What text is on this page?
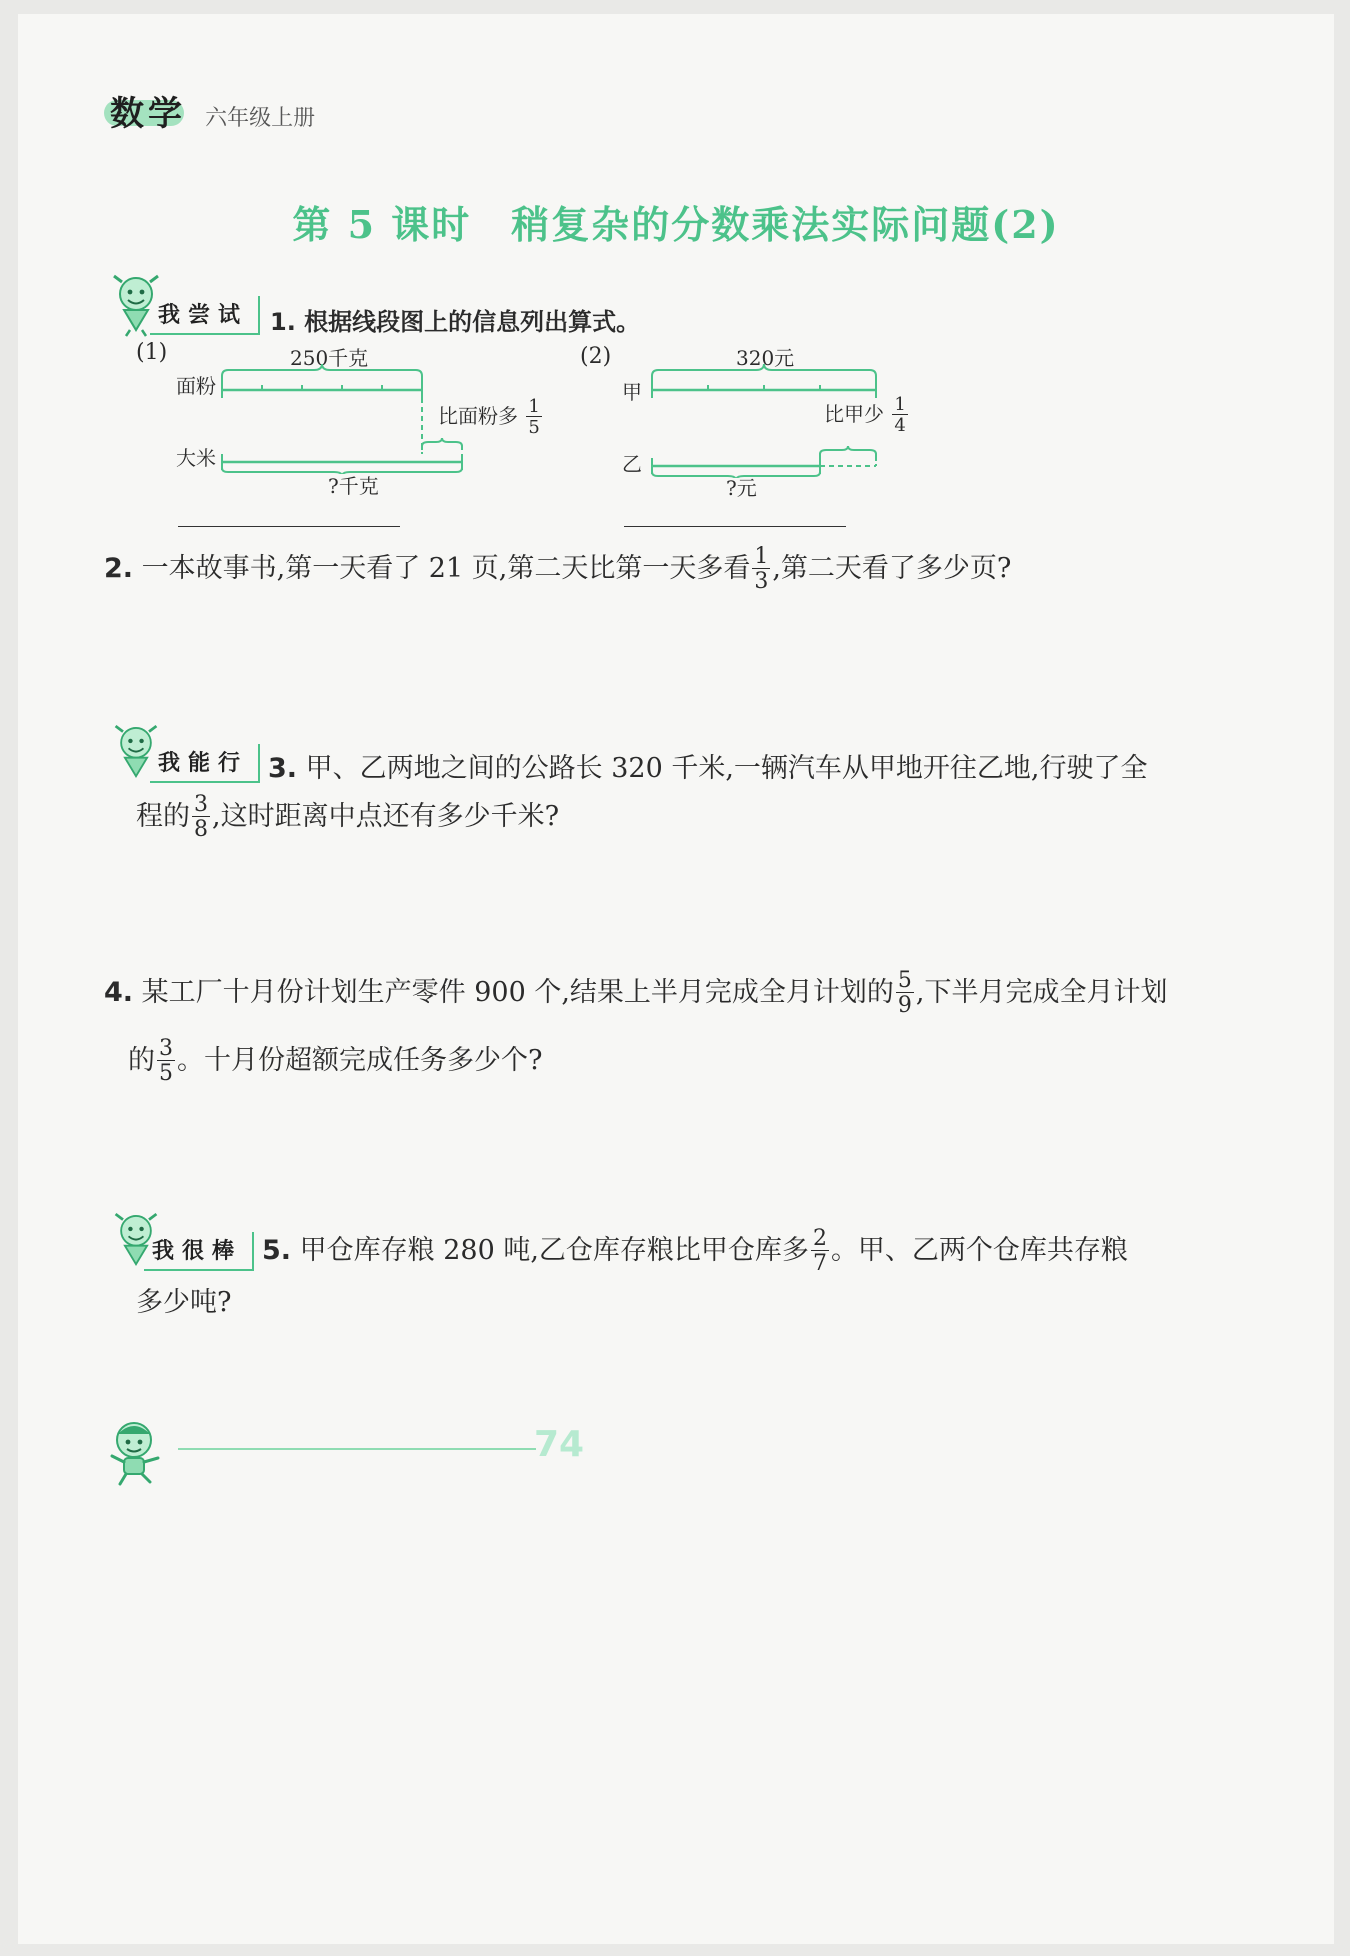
数学 六年级上册
第 5 课时　稍复杂的分数乘法实际问题(2)
我尝试 1. 根据线段图上的信息列出算式。
(1)	250千克
面粉
大米
比面粉多 $\frac{1}{5}$
?千克
(2)	320元
甲
乙
比甲少 $\frac{1}{4}$
?元
2. 一本故事书,第一天看了 21 页,第二天比第一天多看 $\frac{1}{3}$ ,第二天看了多少页?
我能行 3. 甲、乙两地之间的公路长 320 千米,一辆汽车从甲地开往乙地,行驶了全
程的 $\frac{3}{8}$ ,这时距离中点还有多少千米?
4. 某工厂十月份计划生产零件 900 个,结果上半月完成全月计划的 $\frac{5}{9}$ ,下半月完成全月计划
的 $\frac{3}{5}$ 。十月份超额完成任务多少个?
我很棒 5. 甲仓库存粮 280 吨,乙仓库存粮比甲仓库多 $\frac{2}{7}$ 。甲、乙两个仓库共存粮
多少吨?
74
